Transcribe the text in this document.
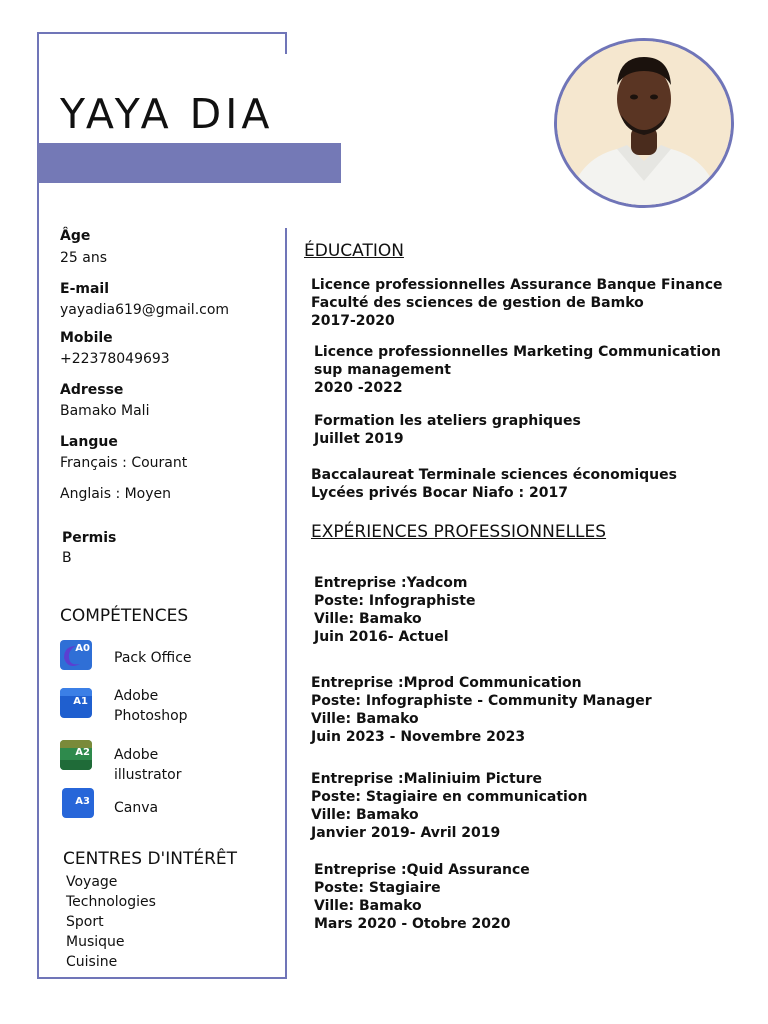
YAYA DIA
Âge
25 ans
E-mail
yayadia619@gmail.com
Mobile
+22378049693
Adresse
Bamako Mali
Langue
Français : Courant
Anglais : Moyen
Permis
B
COMPÉTENCES
A0
Pack Office
A1 Adobe
Photoshop
A2 Adobe
illustrator
A3 Canva
CENTRES D'INTÉRÊT
Voyage
Technologies
Sport
Musique
Cuisine
ÉDUCATION
Licence professionnelles Assurance Banque Finance
Faculté des sciences de gestion de Bamko
2017-2020
Licence professionnelles Marketing Communication
sup management
2020 -2022
Formation les ateliers graphiques
Juillet 2019
Baccalaureat Terminale sciences économiques
Lycées privés Bocar Niafo : 2017
EXPÉRIENCES PROFESSIONNELLES
Entreprise :Yadcom
Poste: Infographiste
Ville: Bamako
Juin 2016- Actuel
Entreprise :Mprod Communication
Poste: Infographiste - Community Manager
Ville: Bamako
Juin 2023 - Novembre 2023
Entreprise :Maliniuim Picture
Poste: Stagiaire en communication
Ville: Bamako
Janvier 2019- Avril 2019
Entreprise :Quid Assurance
Poste: Stagiaire
Ville: Bamako
Mars 2020 - Otobre 2020
